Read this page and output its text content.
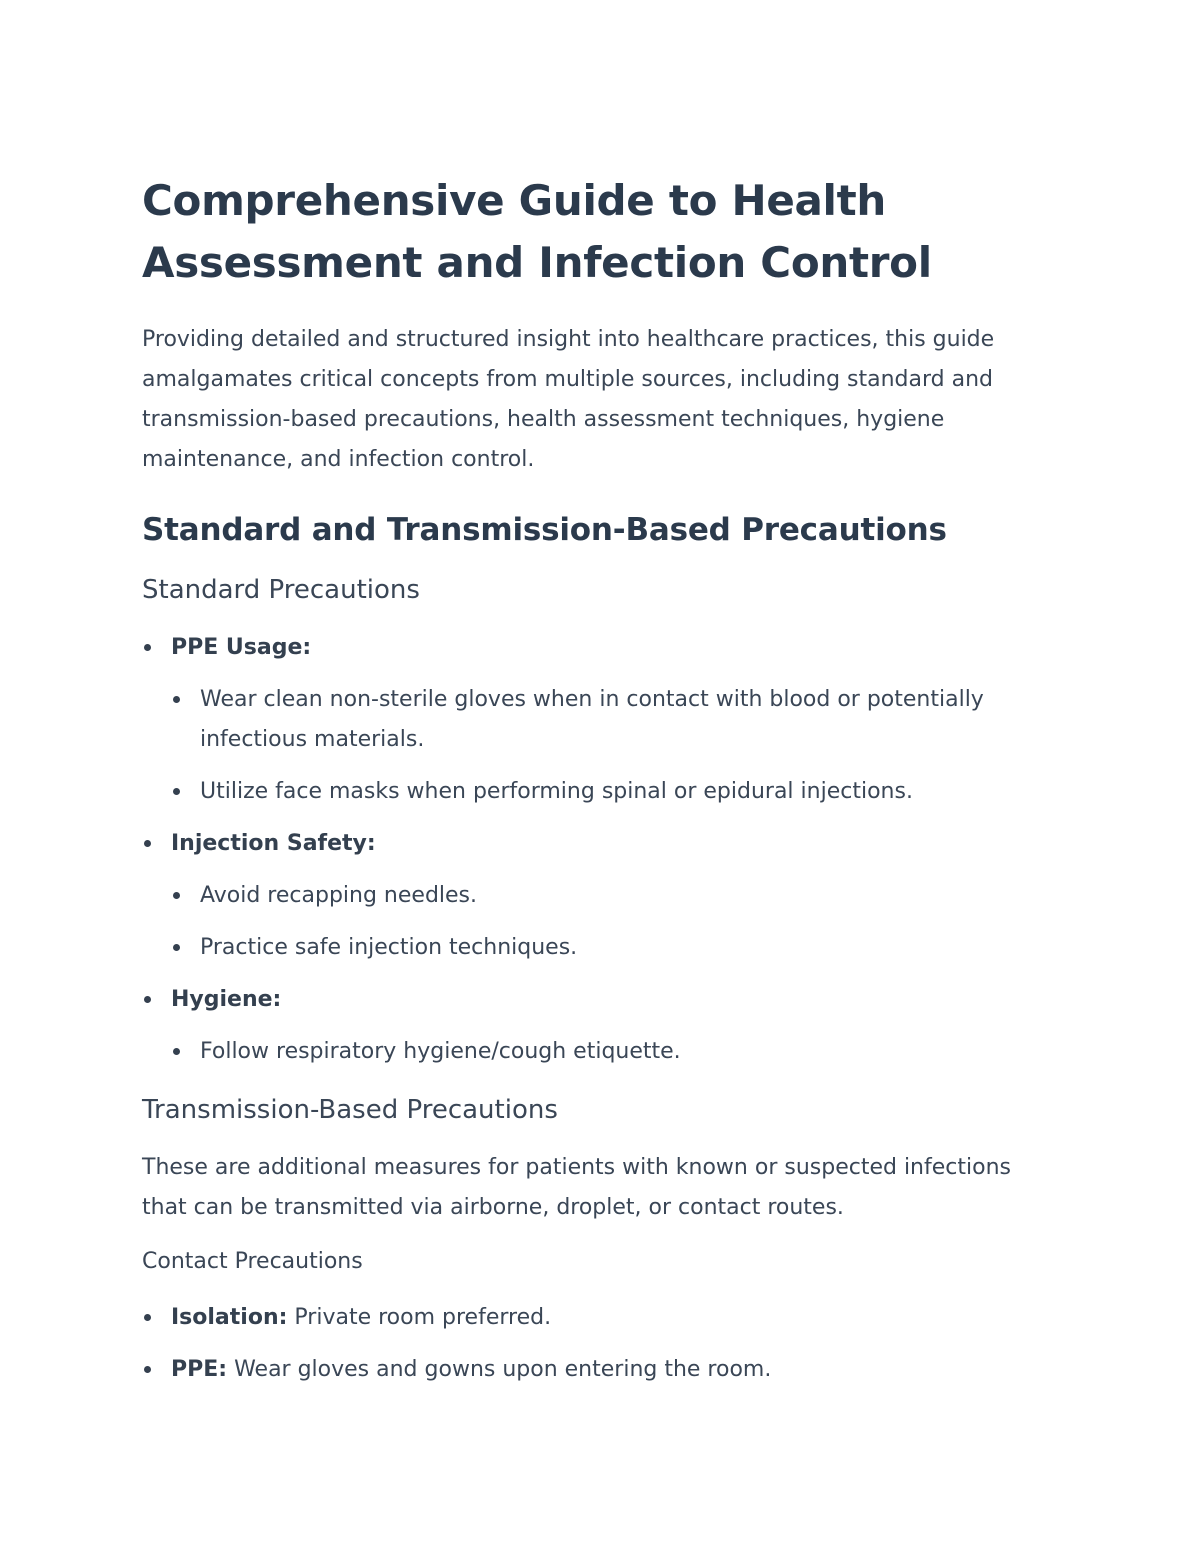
Comprehensive Guide to Health Assessment and Infection Control

Providing detailed and structured insight into healthcare practices, this guide amalgamates critical concepts from multiple sources, including standard and transmission-based precautions, health assessment techniques, hygiene maintenance, and infection control.

Standard and Transmission-Based Precautions
Standard Precautions
PPE Usage:
Wear clean non-sterile gloves when in contact with blood or potentially infectious materials.
Utilize face masks when performing spinal or epidural injections.
Injection Safety:
Avoid recapping needles.
Practice safe injection techniques.
Hygiene:
Follow respiratory hygiene/cough etiquette.
Transmission-Based Precautions

These are additional measures for patients with known or suspected infections that can be transmitted via airborne, droplet, or contact routes.

Contact Precautions
Isolation: Private room preferred.
PPE: Wear gloves and gowns upon entering the room.
